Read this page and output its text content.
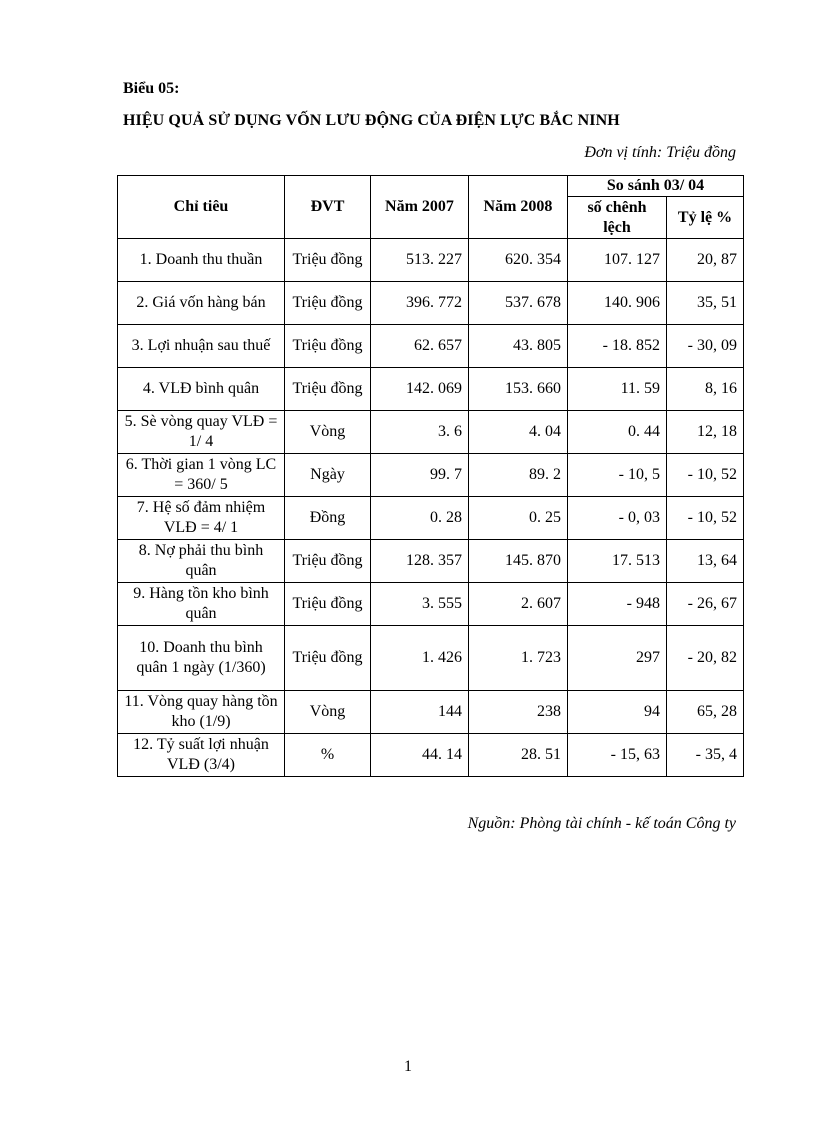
Biểu 05:
HIỆU QUẢ SỬ DỤNG VỐN LƯU ĐỘNG CỦA ĐIỆN LỰC BẮC NINH
Đơn vị tính: Triệu đồng
Chỉ tiêu	ĐVT	Năm 2007	Năm 2008	So sánh 03/ 04	
				số chênh lệch	Tỷ lệ %
1. Doanh thu thuần	Triệu đồng	513. 227	620. 354	107. 127	20, 87
2. Giá vốn hàng bán	Triệu đồng	396. 772	537. 678	140. 906	35, 51
3. Lợi nhuận sau thuế	Triệu đồng	62. 657	43. 805	- 18. 852	- 30, 09
4. VLĐ bình quân	Triệu đồng	142. 069	153. 660	11. 59	8, 16
5. Sè vòng quay VLĐ = 1/ 4	Vòng	3. 6	4. 04	0. 44	12, 18
6. Thời gian 1 vòng LC = 360/ 5	Ngày	99. 7	89. 2	- 10, 5	- 10, 52
7. Hệ số đảm nhiệm VLĐ = 4/ 1	Đồng	0. 28	0. 25	- 0, 03	- 10, 52
8. Nợ phải thu bình quân	Triệu đồng	128. 357	145. 870	17. 513	13, 64
9. Hàng tồn kho bình quân	Triệu đồng	3. 555	2. 607	- 948	- 26, 67
10. Doanh thu bình quân 1 ngày (1/360)	Triệu đồng	1. 426	1. 723	297	- 20, 82
11. Vòng quay hàng tồn kho (1/9)	Vòng	144	238	94	65, 28
12. Tỷ suất lợi nhuận VLĐ (3/4)	%	44. 14	28. 51	- 15, 63	- 35, 4
Nguồn: Phòng tài chính - kế toán Công ty
1
